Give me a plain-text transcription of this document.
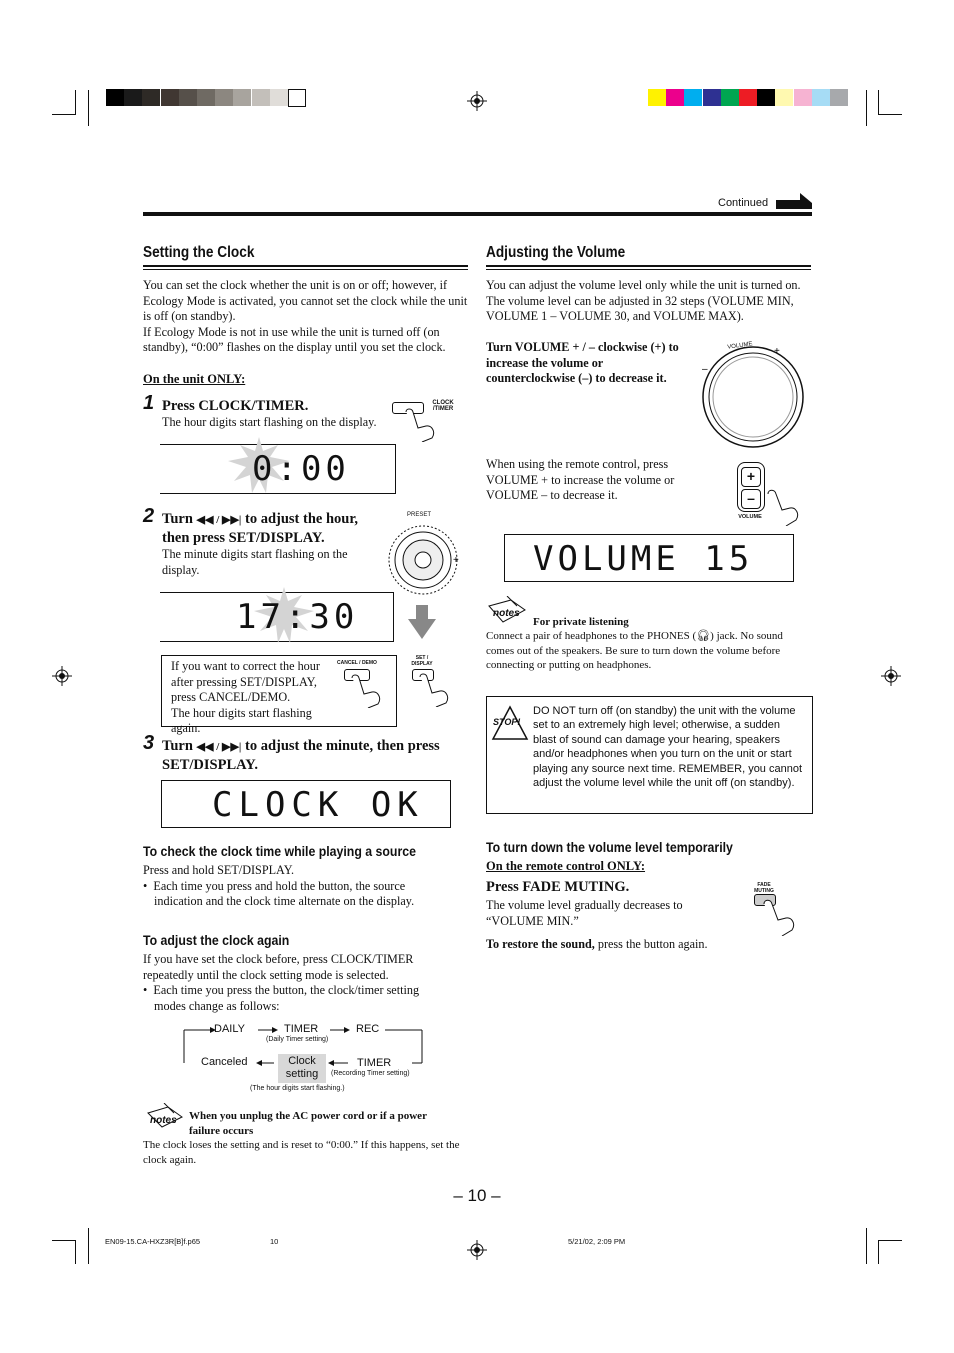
Continued
Setting the Clock
You can set the clock whether the unit is on or off; however, if Ecology Mode is activated, you cannot set the clock while the unit is off (on standby).
If Ecology Mode is not in use while the unit is turned off (on standby), “0:00” flashes on the display until you set the clock.
On the unit ONLY:
1 Press CLOCK/TIMER.
The hour digits start flashing on the display.
CLOCK /TIMER
0:00
2 Turn ◀◀ / ▶▶| to adjust the hour, then press SET/DISPLAY.
The minute digits start flashing on the display.
PRESET
+
17:30
If you want to correct the hour after pressing SET/DISPLAY, press CANCEL/DEMO.
The hour digits start flashing again.
CANCEL / DEMO
SET / DISPLAY
3 Turn ◀◀ / ▶▶| to adjust the minute, then press SET/DISPLAY.
CLOCK OK
To check the clock time while playing a source
Press and hold SET/DISPLAY.
•  Each time you press and hold the button, the source indication and the clock time alternate on the display.
To adjust the clock again
If you have set the clock before, press CLOCK/TIMER repeatedly until the clock setting mode is selected.
•  Each time you press the button, the clock/timer setting modes change as follows:
DAILY	TIMER
(Daily Timer setting)
REC
Canceled	Clock setting
TIMER
(Recording Timer setting)
(The hour digits start flashing.)
notes When you unplug the AC power cord or if a power failure occurs
The clock loses the setting and is reset to “0:00.” If this happens, set the clock again.
Adjusting the Volume
You can adjust the volume level only while the unit is turned on. The volume level can be adjusted in 32 steps (VOLUME MIN, VOLUME 1 – VOLUME 30, and VOLUME MAX).
Turn VOLUME + / – clockwise (+) to increase the volume or counterclockwise (–) to decrease it.
–
+
VOLUME
When using the remote control, press VOLUME + to increase the volume or VOLUME – to decrease it.
+
–
VOLUME
VOLUME 15
notes
For private listening
Connect a pair of headphones to the PHONES (🎧︎) jack. No sound comes out of the speakers. Be sure to turn down the volume before connecting or putting on headphones.
STOP!
DO NOT turn off (on standby) the unit with the volume set to an extremely high level; otherwise, a sudden blast of sound can damage your hearing, speakers and/or headphones when you turn on the unit or start playing any source next time. REMEMBER, you cannot adjust the volume level while the unit off (on standby).
To turn down the volume level temporarily
On the remote control ONLY:
Press FADE MUTING.
The volume level gradually decreases to “VOLUME MIN.”
To restore the sound, press the button again.
FADE MUTING
– 10 –
EN09-15.CA-HXZ3R[B]f.p65	10	5/21/02, 2:09 PM
